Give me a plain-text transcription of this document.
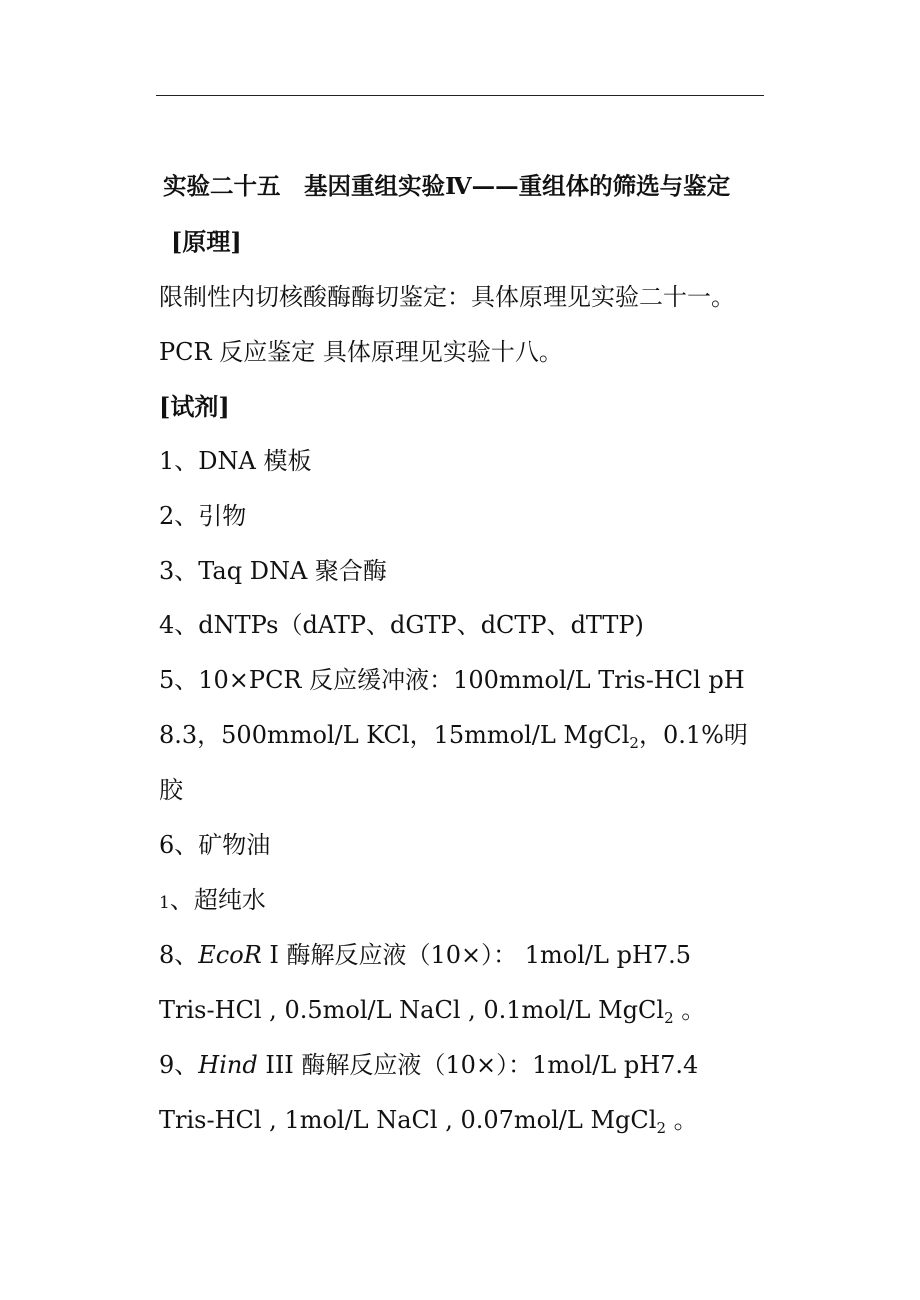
实验二十五　基因重组实验Ⅳ——重组体的筛选与鉴定
[原理]
限制性内切核酸酶酶切鉴定：具体原理见实验二十一。
PCR 反应鉴定 具体原理见实验十八。
[试剂]
1、DNA 模板
2、引物
3、Taq DNA 聚合酶
4、dNTPs（dATP、dGTP、dCTP、dTTP)
5、10×PCR 反应缓冲液：100mmol/L Tris-HCl pH
8.3，500mmol/L KCl，15mmol/L MgCl$_2$，0.1%明
胶
6、矿物油
1、超纯水
8、EcoR I 酶解反应液（10×）： 1mol/L pH7.5
Tris-HCl , 0.5mol/L NaCl , 0.1mol/L MgCl$_2$ 。
9、Hind III 酶解反应液（10×）：1mol/L pH7.4
Tris-HCl , 1mol/L NaCl , 0.07mol/L MgCl$_2$ 。
